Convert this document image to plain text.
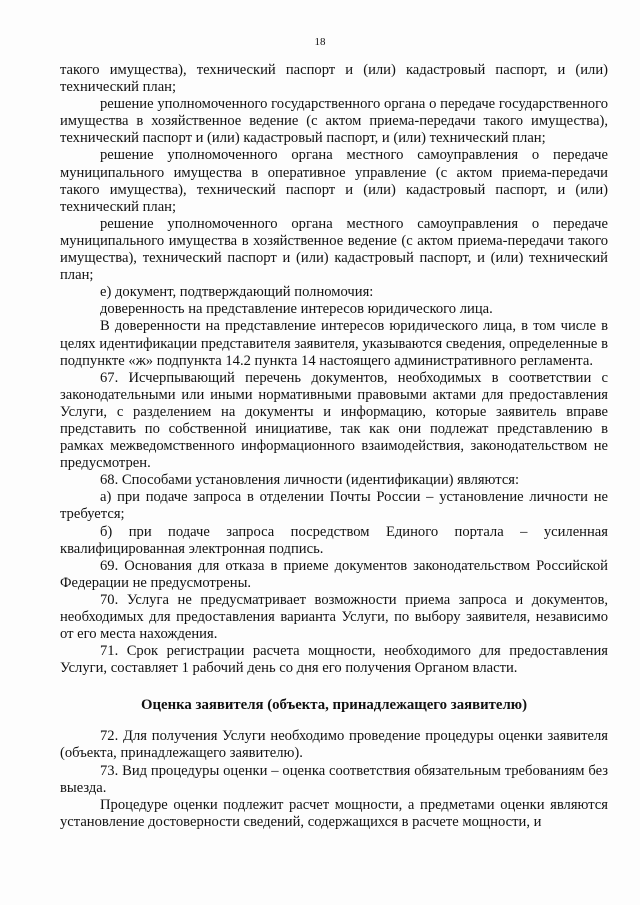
18

такого имущества), технический паспорт и (или) кадастровый паспорт, и (или) технический план;

решение уполномоченного государственного органа о передаче государственного имущества в хозяйственное ведение (с актом приема-передачи такого имущества), технический паспорт и (или) кадастровый паспорт, и (или) технический план;

решение уполномоченного органа местного самоуправления о передаче муниципального имущества в оперативное управление (с актом приема-передачи такого имущества), технический паспорт и (или) кадастровый паспорт, и (или) технический план;

решение уполномоченного органа местного самоуправления о передаче муниципального имущества в хозяйственное ведение (с актом приема-передачи такого имущества), технический паспорт и (или) кадастровый паспорт, и (или) технический план;

е) документ, подтверждающий полномочия:

доверенность на представление интересов юридического лица.

В доверенности на представление интересов юридического лица, в том числе в целях идентификации представителя заявителя, указываются сведения, определенные в подпункте «ж» подпункта 14.2 пункта 14 настоящего административного регламента.

67. Исчерпывающий перечень документов, необходимых в соответствии с законодательными или иными нормативными правовыми актами для предоставления Услуги, с разделением на документы и информацию, которые заявитель вправе представить по собственной инициативе, так как они подлежат представлению в рамках межведомственного информационного взаимодействия, законодательством не предусмотрен.

68. Способами установления личности (идентификации) являются:

а) при подаче запроса в отделении Почты России – установление личности не требуется;

б) при подаче запроса посредством Единого портала – усиленная квалифицированная электронная подпись.

69. Основания для отказа в приеме документов законодательством Российской Федерации не предусмотрены.

70. Услуга не предусматривает возможности приема запроса и документов, необходимых для предоставления варианта Услуги, по выбору заявителя, независимо от его места нахождения.

71. Срок регистрации расчета мощности, необходимого для предоставления Услуги, составляет 1 рабочий день со дня его получения Органом власти.

Оценка заявителя (объекта, принадлежащего заявителю)

72. Для получения Услуги необходимо проведение процедуры оценки заявителя (объекта, принадлежащего заявителю).

73. Вид процедуры оценки – оценка соответствия обязательным требованиям без выезда.

Процедуре оценки подлежит расчет мощности, а предметами оценки являются установление достоверности сведений, содержащихся в расчете мощности, и
